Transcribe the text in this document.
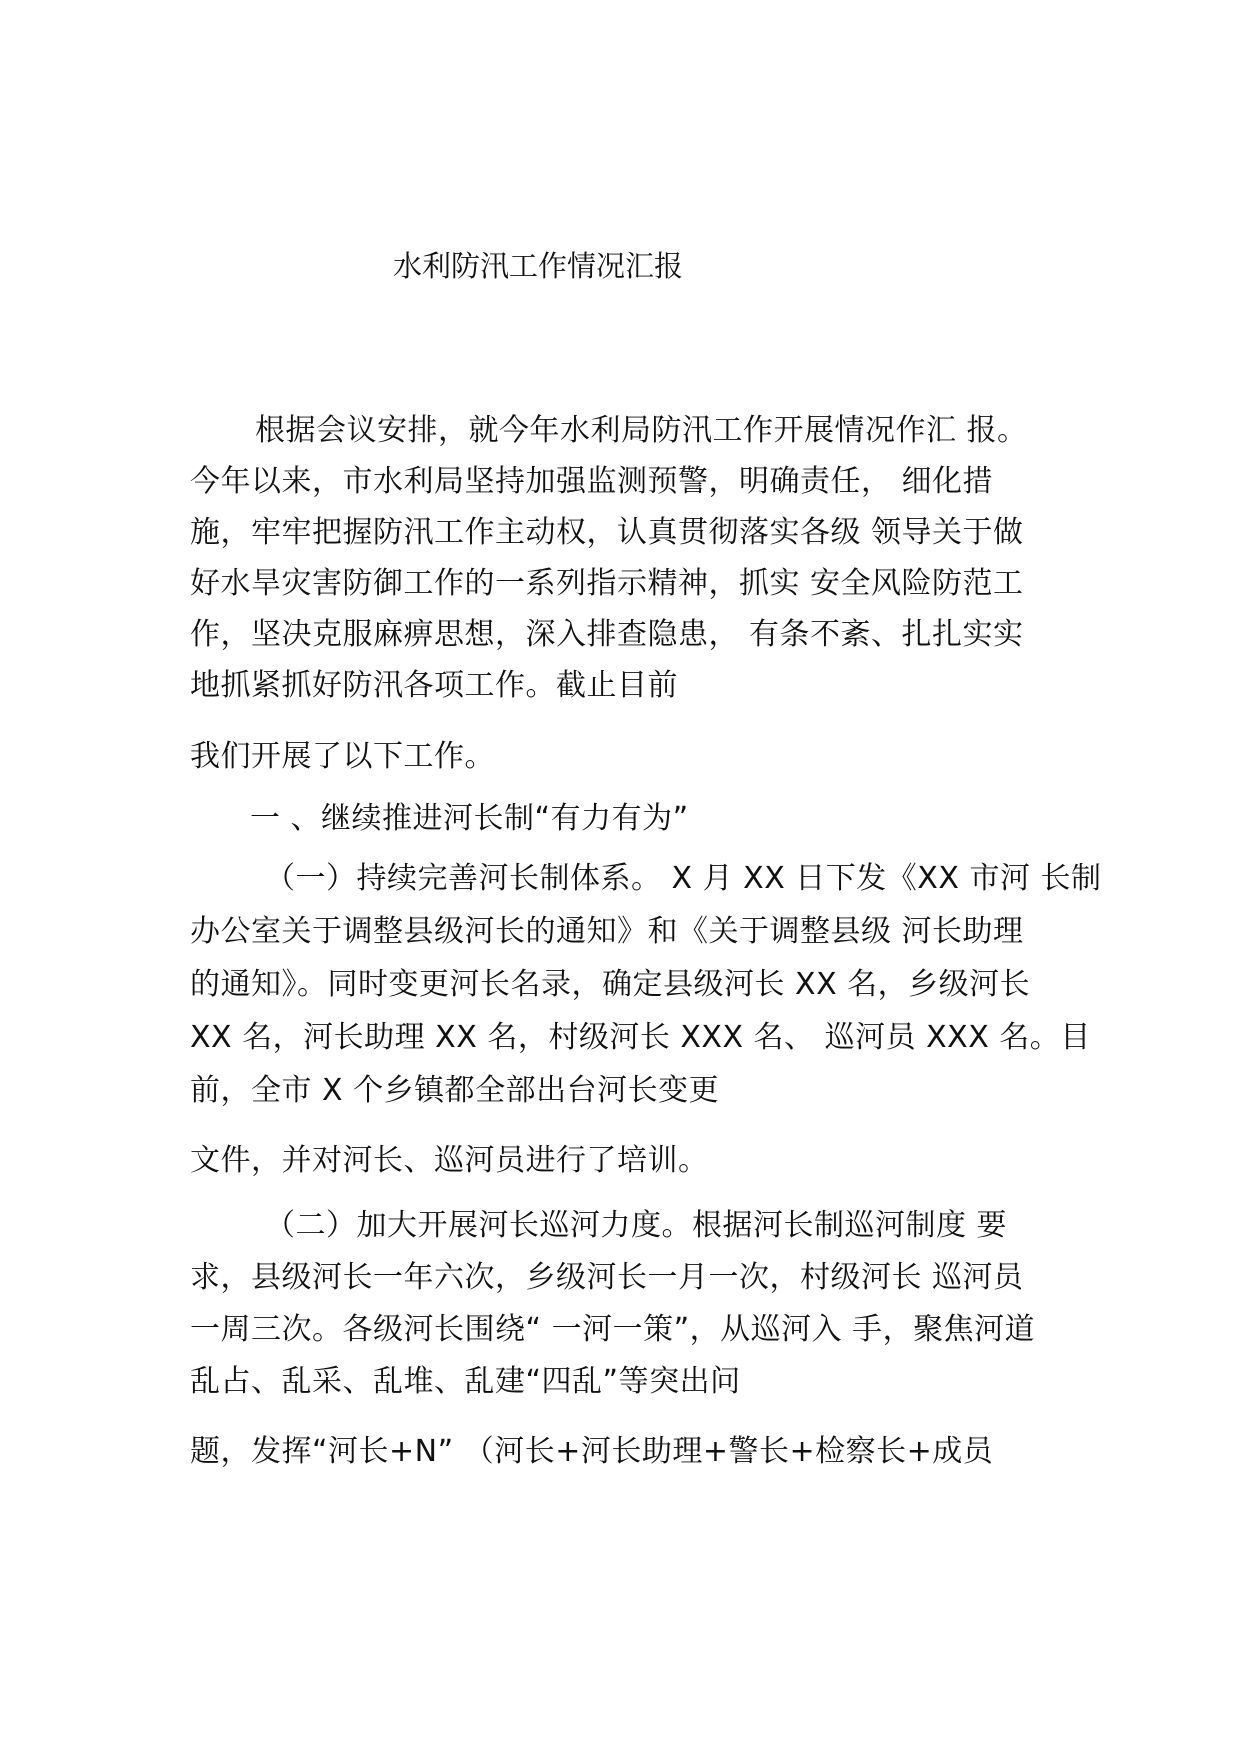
水利防汛工作情况汇报
根据会议安排，就今年水利局防汛工作开展情况作汇 报。
今年以来，市水利局坚持加强监测预警，明确责任， 细化措
施，牢牢把握防汛工作主动权，认真贯彻落实各级 领导关于做
好水旱灾害防御工作的一系列指示精神，抓实 安全风险防范工
作，坚决克服麻痹思想，深入排查隐患， 有条不紊、扎扎实实
地抓紧抓好防汛各项工作。截止目前
我们开展了以下工作。
一 、继续推进河长制“有力有为”
（一）持续完善河长制体系。 X 月 XX 日下发《XX 市河 长制
办公室关于调整县级河长的通知》和《关于调整县级 河长助理
的通知》。同时变更河长名录，确定县级河长 XX 名，乡级河长
XX 名，河长助理 XX 名，村级河长 XXX 名、 巡河员 XXX 名。目
前，全市 X 个乡镇都全部出台河长变更
文件，并对河长、巡河员进行了培训。
（二）加大开展河长巡河力度。根据河长制巡河制度 要
求，县级河长一年六次，乡级河长一月一次，村级河长 巡河员
一周三次。各级河长围绕“ 一河一策”，从巡河入 手，聚焦河道
乱占、乱采、乱堆、乱建“四乱”等突出问
题，发挥“河长+N” （河长+河长助理+警长+检察长+成员
